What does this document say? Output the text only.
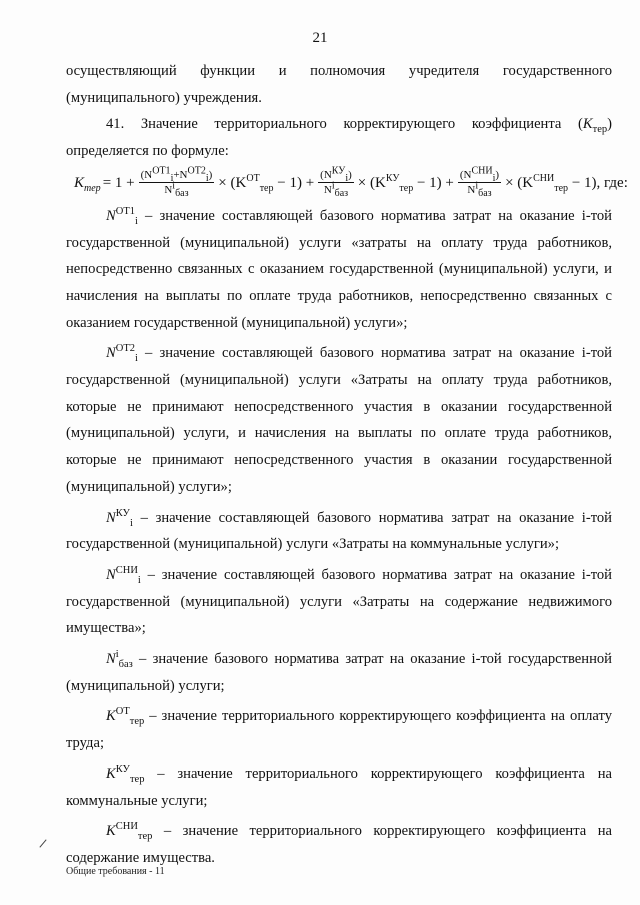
21

осуществляющий функции и полномочия учредителя государственного (муниципального) учреждения.

41. Значение территориального корректирующего коэффициента $(K_{тер})$ определяется по формуле:

$K_{тер} = 1 + \frac{(N^{ОТ1}_i+N^{ОТ2}_i)}{N^i_{баз}} \times (K^{ОТ}_{тер} - 1) + \frac{(N^{КУ}_i)}{N^i_{баз}} \times (K^{КУ}_{тер} - 1) + \frac{(N^{СНИ}_i)}{N^i_{баз}} \times (K^{СНИ}_{тер} - 1)$, где:

$N^{ОТ1}_i$ – значение составляющей базового норматива затрат на оказание i-той государственной (муниципальной) услуги «затраты на оплату труда работников, непосредственно связанных с оказанием государственной (муниципальной) услуги, и начисления на выплаты по оплате труда работников, непосредственно связанных с оказанием государственной (муниципальной) услуги»;

$N^{ОТ2}_i$ – значение составляющей базового норматива затрат на оказание i-той государственной (муниципальной) услуги «Затраты на оплату труда работников, которые не принимают непосредственного участия в оказании государственной (муниципальной) услуги, и начисления на выплаты по оплате труда работников, которые не принимают непосредственного участия в оказании государственной (муниципальной) услуги»;

$N^{КУ}_i$ – значение составляющей базового норматива затрат на оказание i-той государственной (муниципальной) услуги «Затраты на коммунальные услуги»;

$N^{СНИ}_i$ – значение составляющей базового норматива затрат на оказание i-той государственной (муниципальной) услуги «Затраты на содержание недвижимого имущества»;

$N^i_{баз}$ – значение базового норматива затрат на оказание i-той государственной (муниципальной) услуги;

$K^{ОТ}_{тер}$ – значение территориального корректирующего коэффициента на оплату труда;

$K^{КУ}_{тер}$ – значение территориального корректирующего коэффициента на коммунальные услуги;

$K^{СНИ}_{тер}$ – значение территориального корректирующего коэффициента на содержание имущества.

Общие требования - 11
